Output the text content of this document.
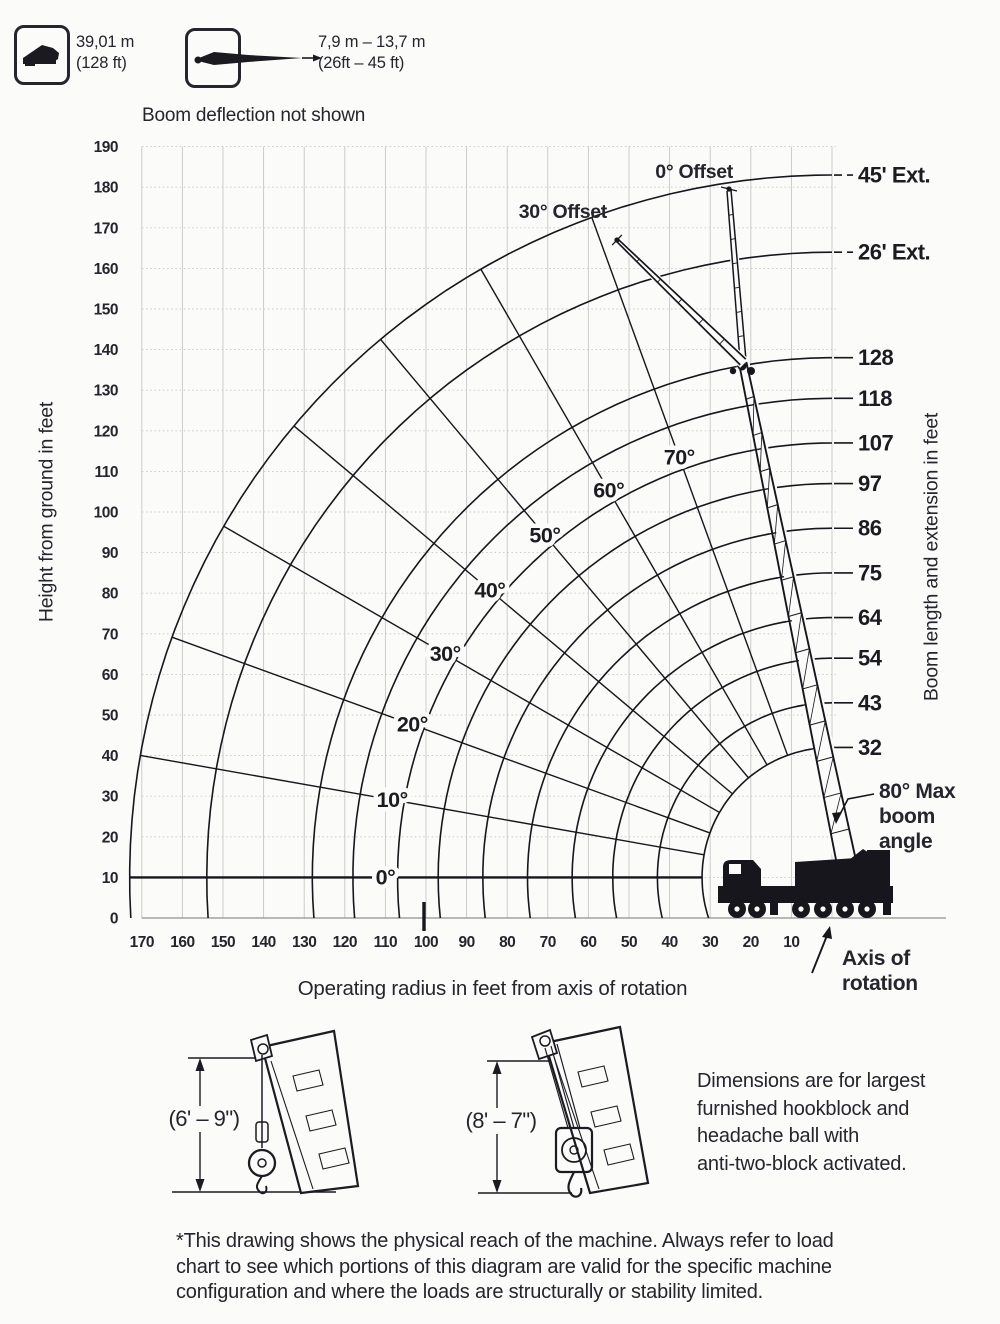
0
10
20
30
40
50
60
70
80
90
100
110
120
130
140
150
160
170
180
190
170 160 150 140 130 120 110 100 90 80 70 60 50 40 30 20 10
32
43
54
64
75
86
97
107
118
128
26' Ext.
45' Ext.
0°
10°
20°
30°
40°
50°
60°
70°
39,01 m
(128 ft)
7,9 m – 13,7 m
(26ft – 45 ft)
Boom deflection not shown
Height from ground in feet	Boom length and extension in feet
Operating radius in feet from axis of rotation
30° Offset
0° Offset
80° Max
boom
angle
Axis of
rotation
(6' – 9")	(8' – 7")
Dimensions are for largest
furnished hookblock and
headache ball with
anti-two-block activated.
*This drawing shows the physical reach of the machine. Always refer to load
chart to see which portions of this diagram are valid for the specific machine
configuration and where the loads are structurally or stability limited.
